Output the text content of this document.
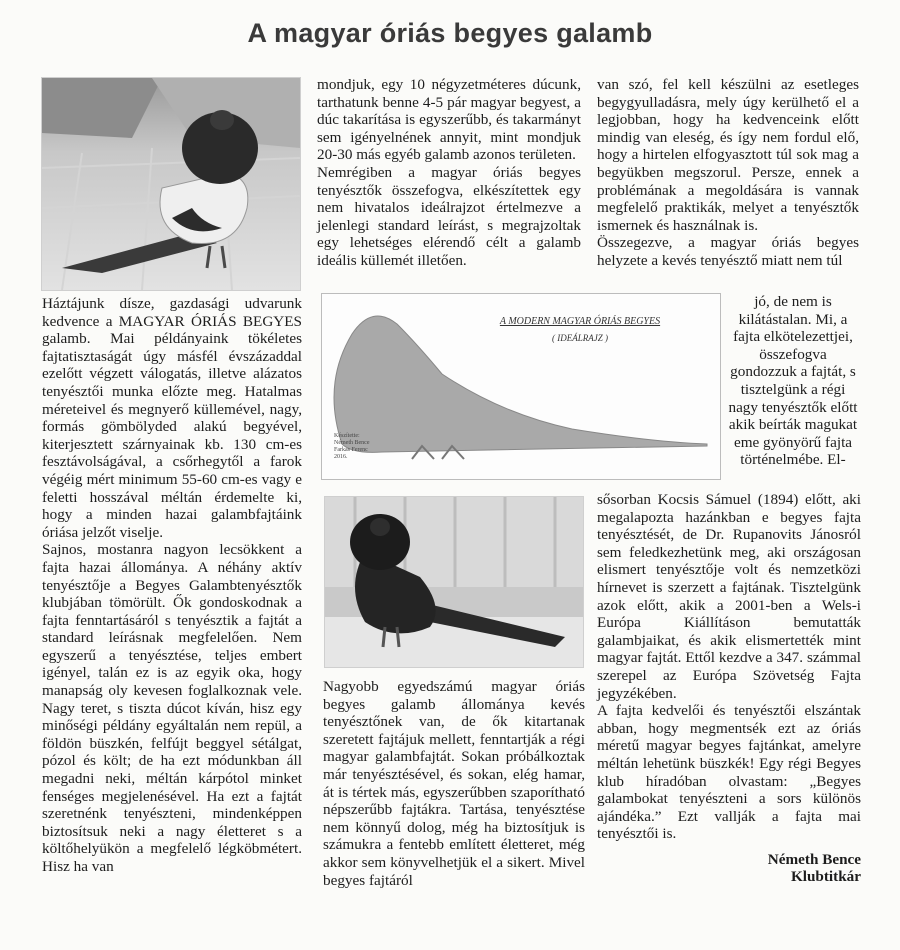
A magyar óriás begyes galamb

Háztájunk dísze, gazdasági udvarunk kedvence a MAGYAR ÓRIÁS BEGYES galamb. Mai példányaink tökéletes fajtatisztaságát úgy másfél évszázaddal ezelőtt végzett válogatás, illetve alázatos tenyésztői munka előzte meg. Hatalmas méreteivel és megnyerő küllemével, nagy, formás gömbölyded alakú begyével, kiterjesztett szárnyainak kb. 130 cm-es fesztávolságával, a csőrhegytől a farok végéig mért minimum 55-60 cm-es vagy e feletti hosszával méltán érdemelte ki, hogy a minden hazai galambfajtáink óriása jelzőt viselje.

Sajnos, mostanra nagyon lecsökkent a fajta hazai állománya. A néhány aktív tenyésztője a Begyes Galambtenyésztők klubjában tömörült. Ők gondoskodnak a fajta fenntartásáról s tenyésztik a fajtát a standard leírásnak megfelelően. Nem egyszerű a tenyésztése, teljes embert igényel, talán ez is az egyik oka, hogy manapság oly kevesen foglalkoznak vele. Nagy teret, s tiszta dúcot kíván, hisz egy minőségi példány egyáltalán nem repül, a földön büszkén, felfújt beggyel sétálgat, pózol és költ; de ha ezt módunkban áll megadni neki, méltán kárpótol minket fenséges megjelenésével. Ha ezt a fajtát szeretnénk tenyészteni, mindenképpen biztosítsuk neki a nagy életteret s a költőhelyükön a megfelelő légköbmétert. Hisz ha van

mondjuk, egy 10 négyzetméteres dúcunk, tarthatunk benne 4-5 pár magyar begyest, a dúc takarítása is egyszerűbb, és takarmányt sem igényelnének annyit, mint mondjuk 20-30 más egyéb galamb azonos területen.

Nemrégiben a magyar óriás begyes tenyésztők összefogva, elkészítettek egy nem hivatalos ideálrajzot értelmezve a jelenlegi standard leírást, s megrajzoltak egy lehetséges elérendő célt a galamb ideális küllemét illetően.

van szó, fel kell készülni az esetleges begygyulladásra, mely úgy kerülhető el a legjobban, hogy ha kedvenceink előtt mindig van eleség, és így nem fordul elő, hogy a hirtelen elfogyasztott túl sok mag a begyükben megszorul. Persze, ennek a problémának a megoldására is vannak megfelelő praktikák, melyet a tenyésztők ismernek és használnak is.

Összegezve, a magyar óriás begyes helyzete a kevés tenyésztő miatt nem túl

A MODERN MAGYAR ÓRIÁS BEGYES
( IDEÁLRAJZ )
Készítette:
Németh Bence
Farkas Ferenc
2016.

jó, de nem is kilátástalan. Mi, a fajta elkötelezettjei, összefogva gondozzuk a fajtát, s tisztelgünk a régi nagy tenyésztők előtt akik beírták magukat eme gyönyörű fajta történelmébe. El-

Nagyobb egyedszámú magyar óriás begyes galamb állománya kevés tenyésztőnek van, de ők kitartanak szeretett fajtájuk mellett, fenntartják a régi magyar galambfajtát. Sokan próbálkoztak már tenyésztésével, és sokan, elég hamar, át is tértek más, egyszerűbben szaporítható népszerűbb fajtákra. Tartása, tenyésztése nem könnyű dolog, még ha biztosítjuk is számukra a fentebb említett életteret, még akkor sem könyvelhetjük el a sikert. Mivel begyes fajtáról

sősorban Kocsis Sámuel (1894) előtt, aki megalapozta hazánkban e begyes fajta tenyésztését, de Dr. Rupanovits Jánosról sem feledkezhetünk meg, aki országosan elismert tenyésztője volt és nemzetközi hírnevet is szerzett a fajtának. Tisztelgünk azok előtt, akik a 2001-ben a Wels-i Európa Kiállításon bemutatták galambjaikat, és akik elismertették mint magyar fajtát. Ettől kezdve a 347. számmal szerepel az Európa Szövetség Fajta jegyzékében.

A fajta kedvelői és tenyésztői elszántak abban, hogy megmentsék ezt az óriás méretű magyar begyes fajtánkat, amelyre méltán lehetünk büszkék! Egy régi Begyes klub híradóban olvastam: „Begyes galambokat tenyészteni a sors különös ajándéka.” Ezt vallják a fajta mai tenyésztői is.

Németh Bence
Klubtitkár
